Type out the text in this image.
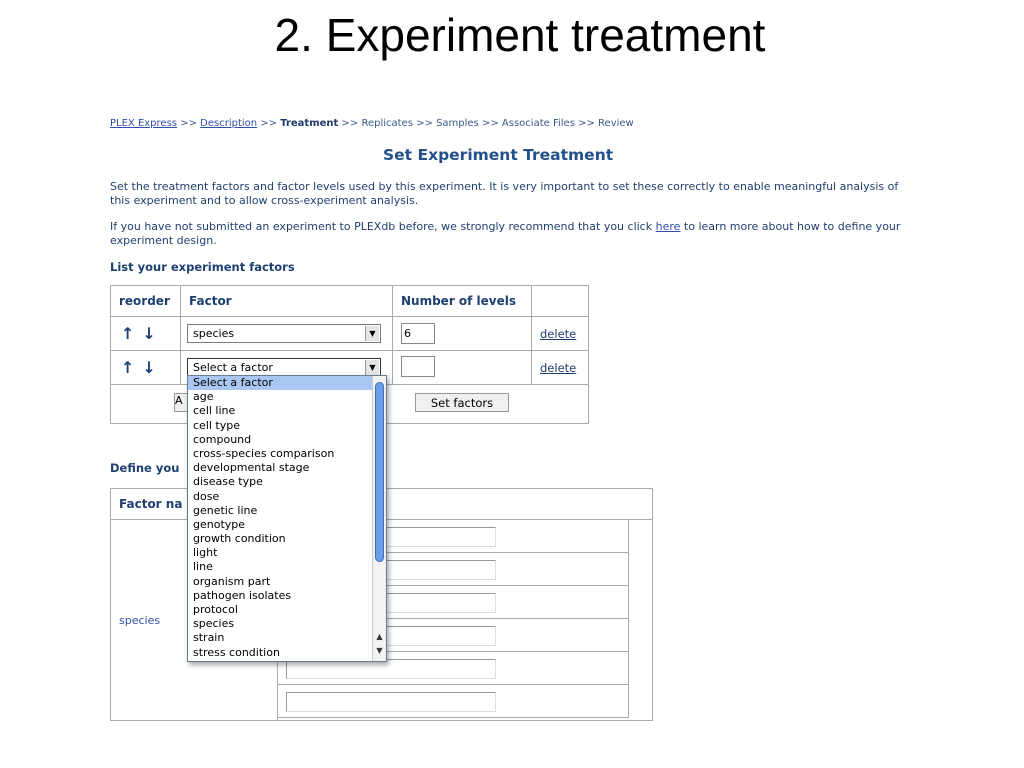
2. Experiment treatment
PLEX Express >> Description >> Treatment >> Replicates >> Samples >> Associate Files >> Review
Set Experiment Treatment
Set the treatment factors and factor levels used by this experiment. It is very important to set these correctly to enable meaningful analysis of this experiment and to allow cross-experiment analysis.
If you have not submitted an experiment to PLEXdb before, we strongly recommend that you click here to learn more about how to define your experiment design.
List your experiment factors
reorder	Factor	Number of levels	
↑↓	species ▼	6	delete
↑↓	Select a factor ▼		delete

A	Set factors
Define you
Factor na
species	
Select a factor
age
cell line
cell type
compound
cross-species comparison
developmental stage
disease type
dose
genetic line
genotype
growth condition
light
line
organism part
pathogen isolates
protocol
species
strain
stress condition
▲
▼
